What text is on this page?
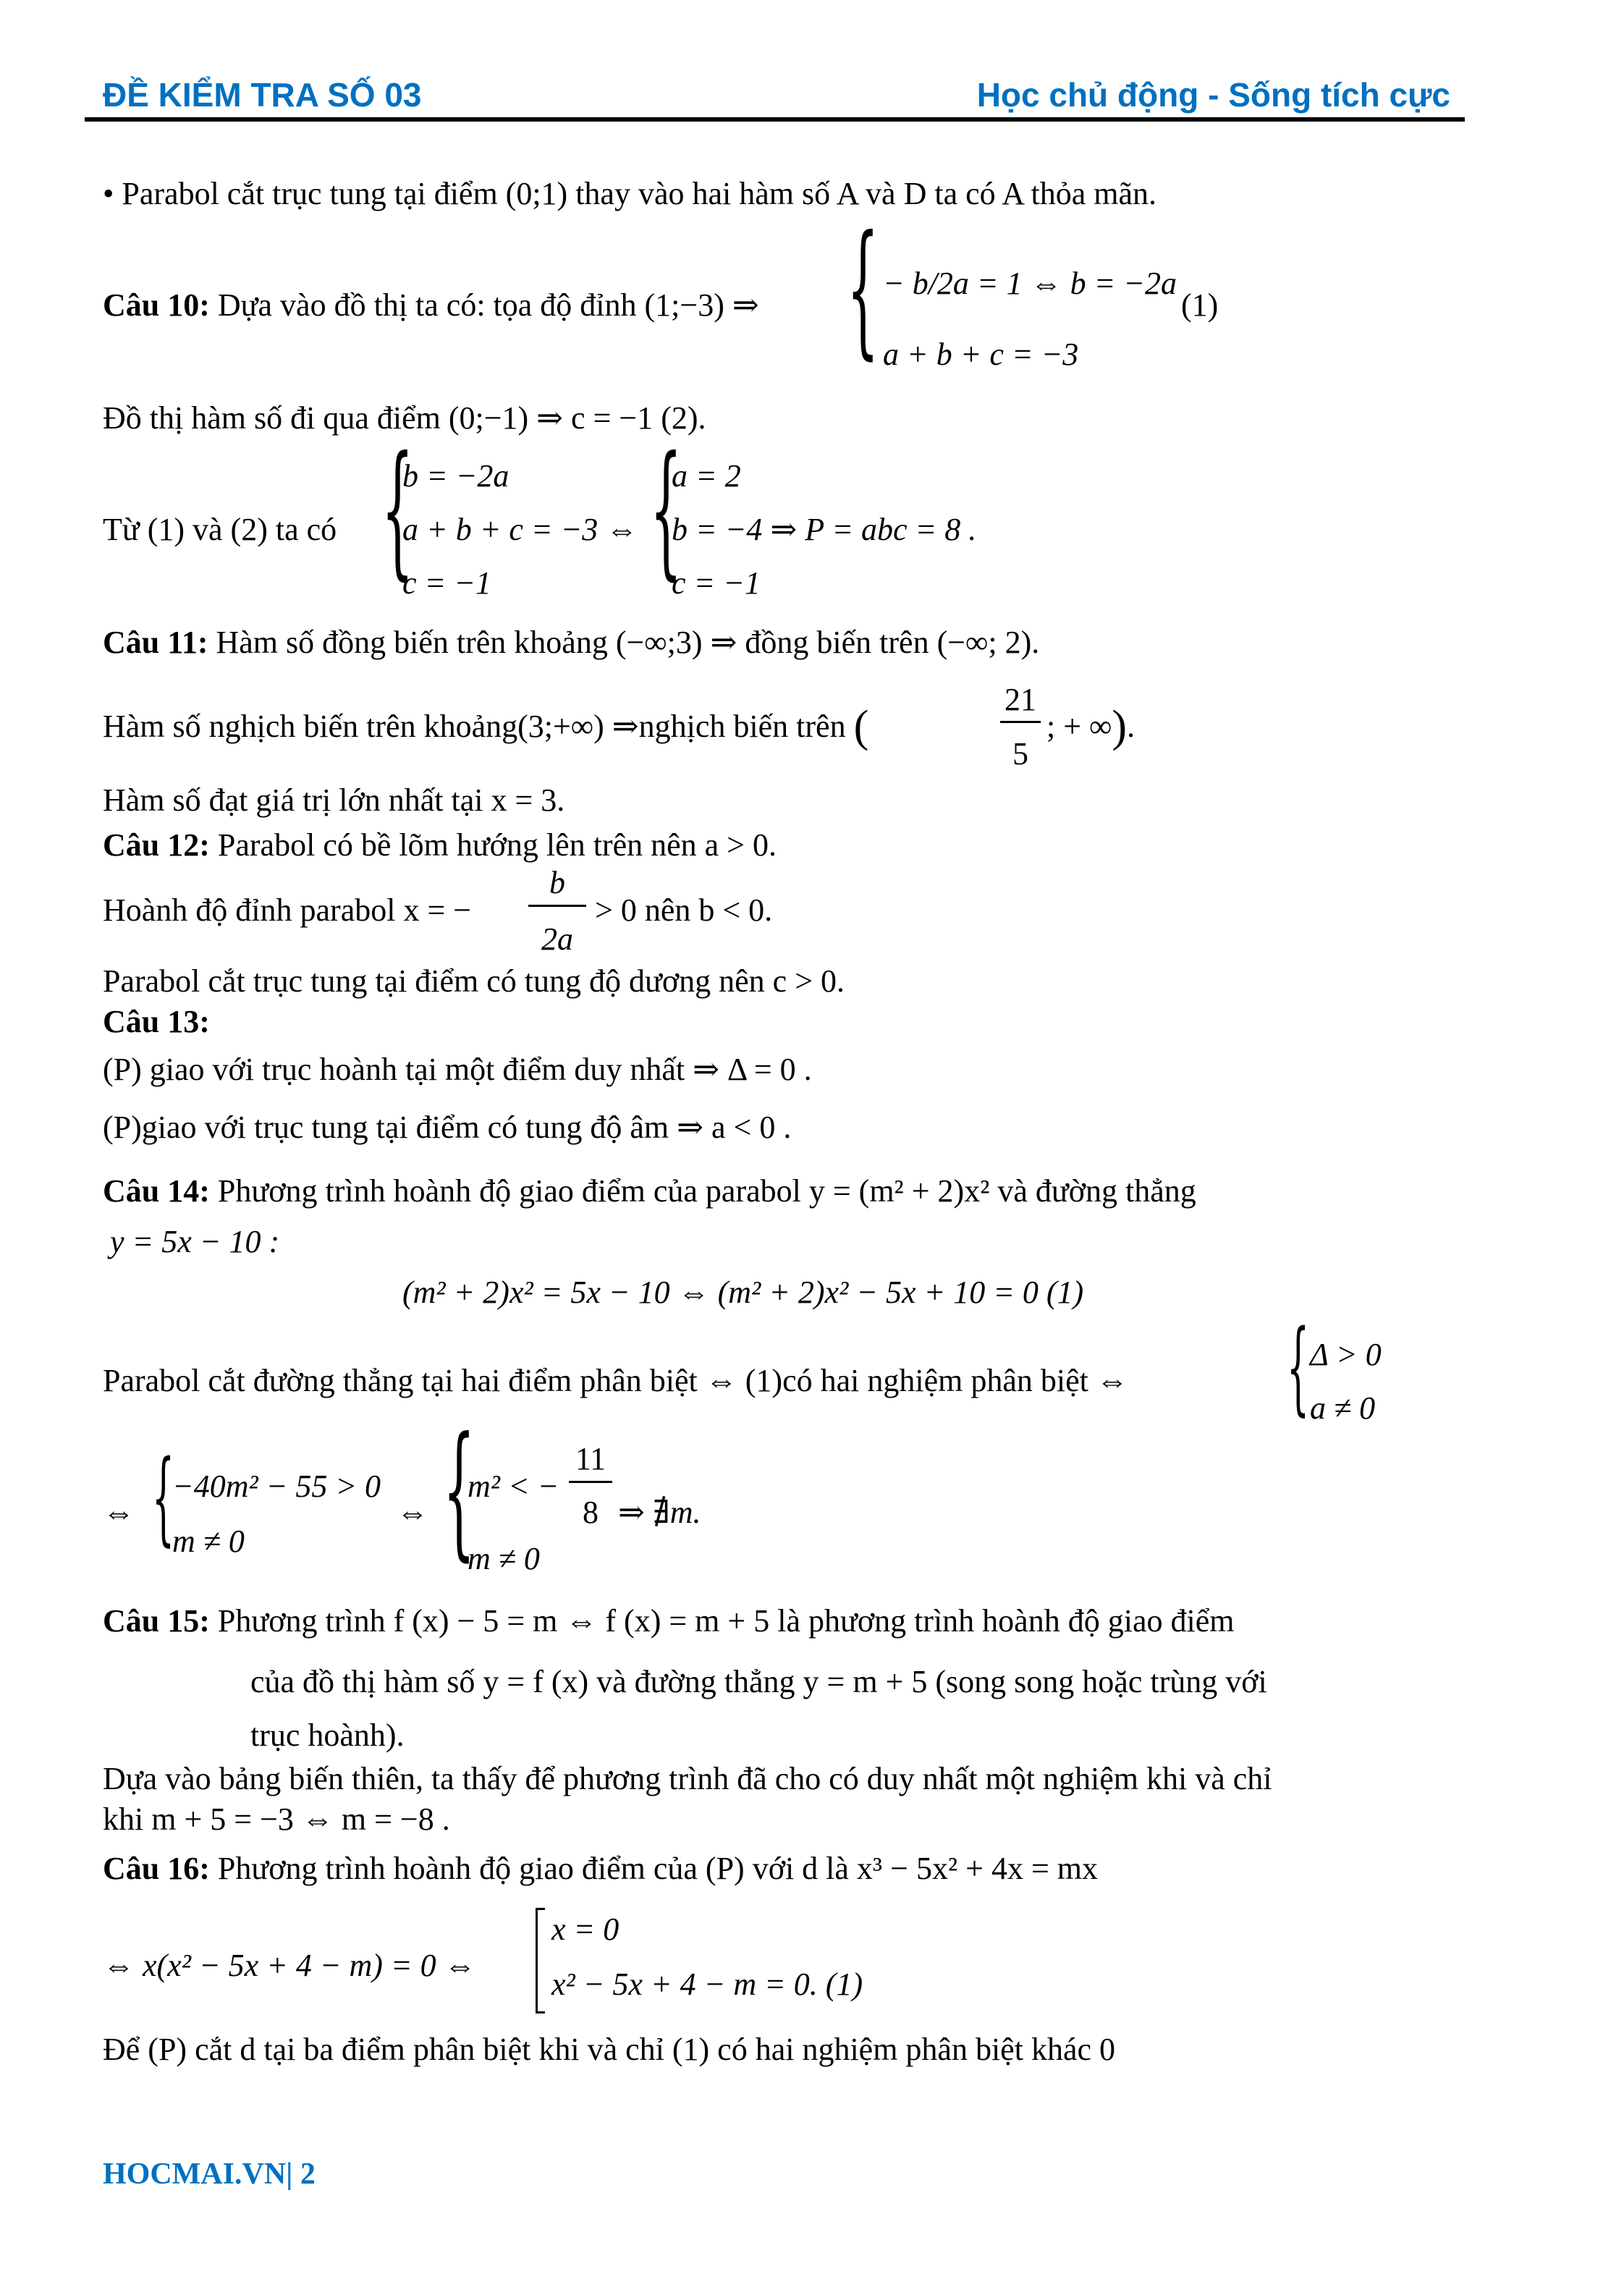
ĐỀ KIỂM TRA SỐ 03	Học chủ động - Sống tích cực
• Parabol cắt trục tung tại điểm (0;1) thay vào hai hàm số A và D ta có A thỏa mãn.
Câu 10: Dựa vào đồ thị ta có: tọa độ đỉnh (1;−3) ⇒ { − b/2a = 1 ⇔ b = −2a
a + b + c = −3
(1)
Đồ thị hàm số đi qua điểm (0;−1) ⇒ c = −1 (2).
Từ (1) và (2) ta có {
b = −2a
a + b + c = −3 ⇔
c = −1 {
a = 2
b = −4 ⇒ P = abc = 8 .
c = −1
Câu 11: Hàm số đồng biến trên khoảng (−∞;3) ⇒ đồng biến trên (−∞; 2).
Hàm số nghịch biến trên khoảng(3;+∞) ⇒nghịch biến trên (
21
5
; + ∞).
Hàm số đạt giá trị lớn nhất tại x = 3.
Câu 12: Parabol có bề lõm hướng lên trên nên a > 0.
Hoành độ đỉnh parabol x = −
b
2a
> 0 nên b < 0.
Parabol cắt trục tung tại điểm có tung độ dương nên c > 0.
Câu 13:
(P) giao với trục hoành tại một điểm duy nhất ⇒ Δ = 0 .
(P)giao với trục tung tại điểm có tung độ âm ⇒ a < 0 .
Câu 14: Phương trình hoành độ giao điểm của parabol y = (m² + 2)x² và đường thẳng
y = 5x − 10 :
(m² + 2)x² = 5x − 10 ⇔ (m² + 2)x² − 5x + 10 = 0 (1)
Parabol cắt đường thẳng tại hai điểm phân biệt ⇔ (1)có hai nghiệm phân biệt ⇔ { Δ > 0
a ≠ 0
⇔ {
−40m² − 55 > 0
m ≠ 0
⇔ {
m² < −
11
8 ⇒ ∄m.
m ≠ 0
Câu 15: Phương trình f (x) − 5 = m ⇔ f (x) = m + 5 là phương trình hoành độ giao điểm
của đồ thị hàm số y = f (x) và đường thẳng y = m + 5 (song song hoặc trùng với
trục hoành).
Dựa vào bảng biến thiên, ta thấy để phương trình đã cho có duy nhất một nghiệm khi và chỉ
khi m + 5 = −3 ⇔ m = −8 .
Câu 16: Phương trình hoành độ giao điểm của (P) với d là x³ − 5x² + 4x = mx
⇔ x(x² − 5x + 4 − m) = 0 ⇔
x = 0
x² − 5x + 4 − m = 0. (1)
Để (P) cắt d tại ba điểm phân biệt khi và chỉ (1) có hai nghiệm phân biệt khác 0
HOCMAI.VN| 2
